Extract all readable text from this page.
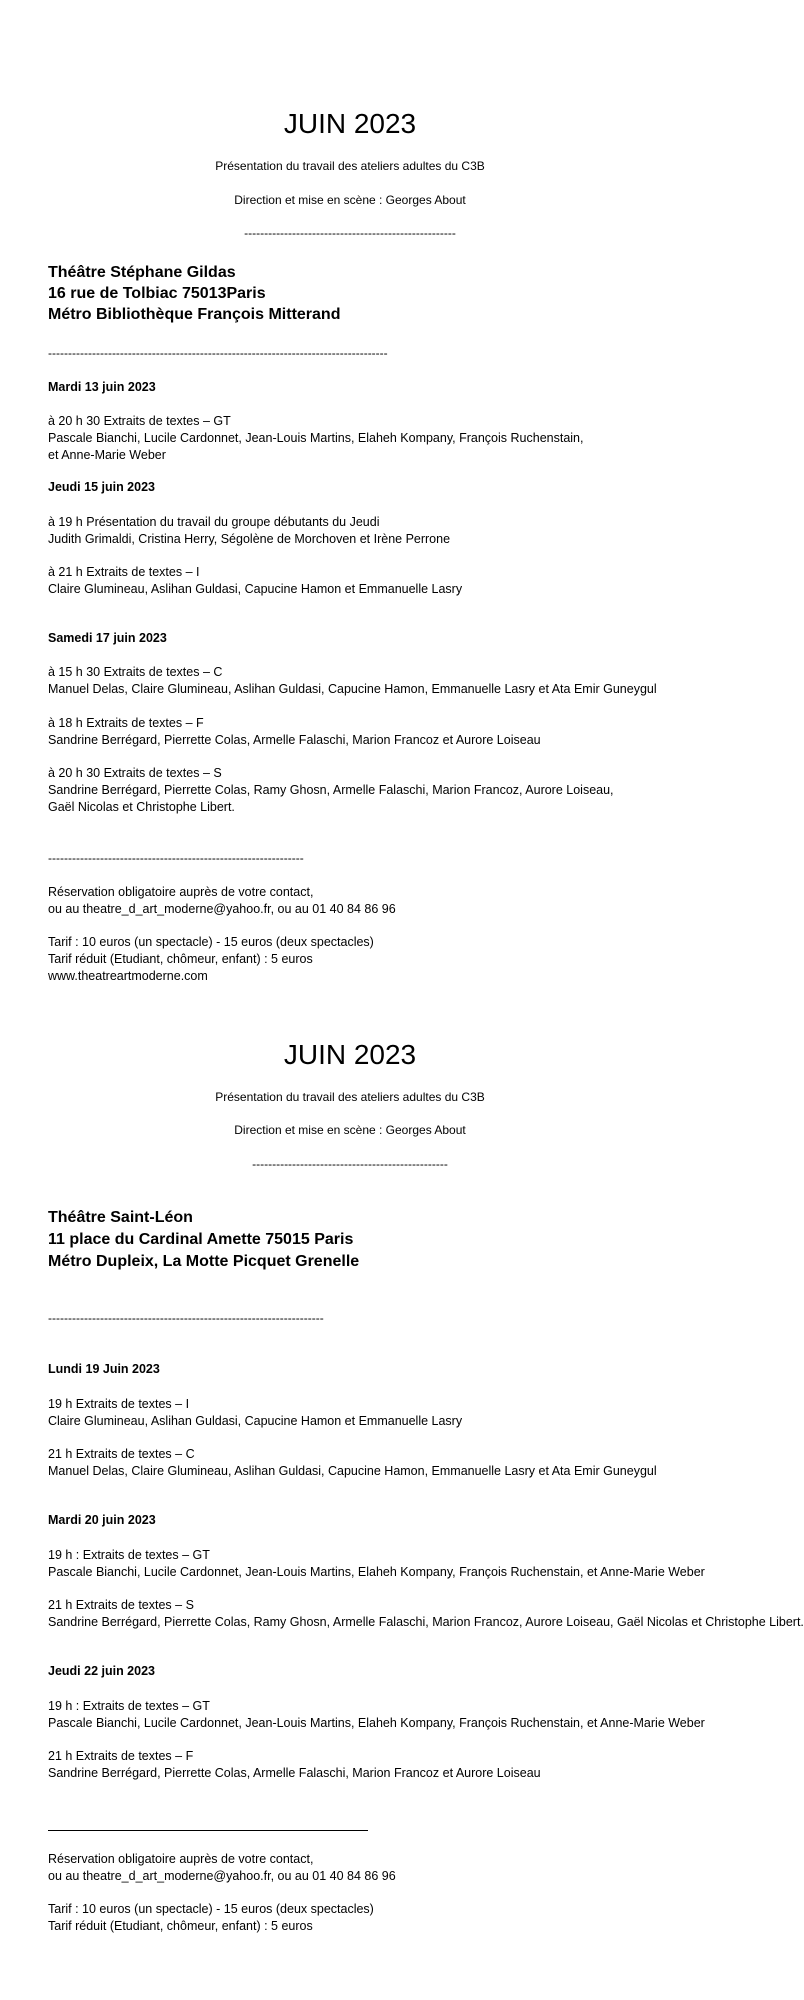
JUIN 2023
Présentation du travail des ateliers adultes du C3B
Direction et mise en scène : Georges About
-----------------------------------------------------
Théâtre Stéphane Gildas
16 rue de Tolbiac 75013Paris
Métro Bibliothèque François Mitterand
-------------------------------------------------------------------------------------
Mardi 13 juin 2023
à 20 h 30 Extraits de textes – GT
Pascale Bianchi, Lucile Cardonnet, Jean-Louis Martins, Elaheh Kompany, François Ruchenstain,
et Anne-Marie Weber
Jeudi 15 juin 2023
à 19 h Présentation du travail du groupe débutants du Jeudi
Judith Grimaldi, Cristina Herry, Ségolène de Morchoven et Irène Perrone
à 21 h Extraits de textes – I
Claire Glumineau, Aslihan Guldasi, Capucine Hamon et Emmanuelle Lasry
Samedi 17 juin 2023
à 15 h 30 Extraits de textes – C
Manuel Delas, Claire Glumineau, Aslihan Guldasi, Capucine Hamon, Emmanuelle Lasry et Ata Emir Guneygul
à 18 h Extraits de textes – F
Sandrine Berrégard, Pierrette Colas, Armelle Falaschi, Marion Francoz et Aurore Loiseau
à 20 h 30 Extraits de textes – S
Sandrine Berrégard, Pierrette Colas, Ramy Ghosn, Armelle Falaschi, Marion Francoz, Aurore Loiseau,
Gaël Nicolas et Christophe Libert.
----------------------------------------------------------------
Réservation obligatoire auprès de votre contact,
ou au theatre_d_art_moderne@yahoo.fr, ou au 01 40 84 86 96
Tarif : 10 euros (un spectacle) - 15 euros (deux spectacles)
Tarif réduit (Etudiant, chômeur, enfant) : 5 euros
www.theatreartmoderne.com
JUIN 2023
Présentation du travail des ateliers adultes du C3B
Direction et mise en scène : Georges About
-------------------------------------------------
Théâtre Saint-Léon
11 place du Cardinal Amette 75015 Paris
Métro Dupleix, La Motte Picquet Grenelle
---------------------------------------------------------------------
Lundi 19 Juin 2023
19 h Extraits de textes – I
Claire Glumineau, Aslihan Guldasi, Capucine Hamon et Emmanuelle Lasry
21 h Extraits de textes – C
Manuel Delas, Claire Glumineau, Aslihan Guldasi, Capucine Hamon, Emmanuelle Lasry et Ata Emir Guneygul
Mardi 20 juin 2023
19 h : Extraits de textes – GT
Pascale Bianchi, Lucile Cardonnet, Jean-Louis Martins, Elaheh Kompany, François Ruchenstain, et Anne-Marie Weber
21 h Extraits de textes – S
Sandrine Berrégard, Pierrette Colas, Ramy Ghosn, Armelle Falaschi, Marion Francoz, Aurore Loiseau, Gaël Nicolas et Christophe Libert.
Jeudi 22 juin 2023
19 h : Extraits de textes – GT
Pascale Bianchi, Lucile Cardonnet, Jean-Louis Martins, Elaheh Kompany, François Ruchenstain, et Anne-Marie Weber
21 h Extraits de textes – F
Sandrine Berrégard, Pierrette Colas, Armelle Falaschi, Marion Francoz et Aurore Loiseau
Réservation obligatoire auprès de votre contact,
ou au theatre_d_art_moderne@yahoo.fr, ou au 01 40 84 86 96
Tarif : 10 euros (un spectacle) - 15 euros (deux spectacles)
Tarif réduit (Etudiant, chômeur, enfant) : 5 euros
